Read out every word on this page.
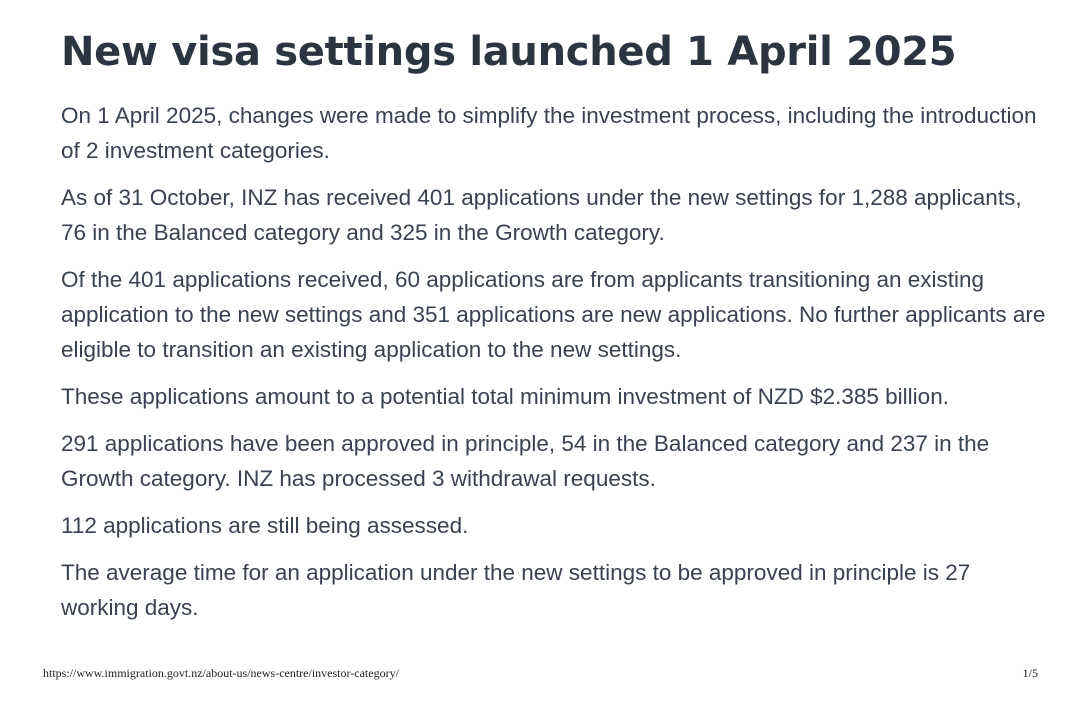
New visa settings launched 1 April 2025

On 1 April 2025, changes were made to simplify the investment process, including the introduction of 2 investment categories.

As of 31 October, INZ has received 401 applications under the new settings for 1,288 applicants, 76 in the Balanced category and 325 in the Growth category.

Of the 401 applications received, 60 applications are from applicants transitioning an existing application to the new settings and 351 applications are new applications. No further applicants are eligible to transition an existing application to the new settings.

These applications amount to a potential total minimum investment of NZD $2.385 billion.

291 applications have been approved in principle, 54 in the Balanced category and 237 in the Growth category. INZ has processed 3 withdrawal requests.

112 applications are still being assessed.

The average time for an application under the new settings to be approved in principle is 27 working days.

https://www.immigration.govt.nz/about-us/news-centre/investor-category/	1/5
